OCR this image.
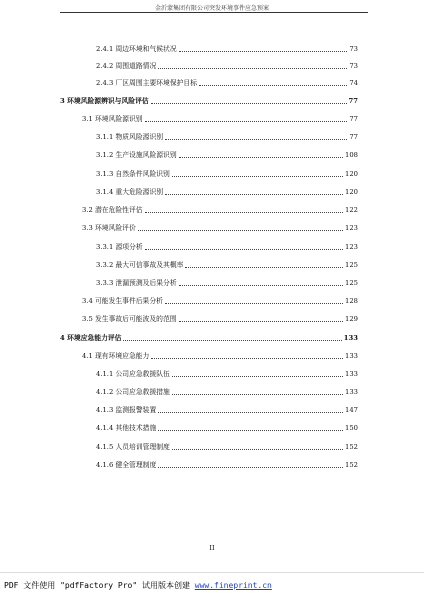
金沂蒙集团有限公司突发环境事件应急预案
2.4.1 周边环境和气候状况	73
2.4.2 周围道路情况	73
2.4.3 厂区周围主要环境保护目标	74
3 环境风险源辨识与风险评估	77
3.1 环境风险源识别	77
3.1.1 物质风险源识别	77
3.1.2 生产设施风险源识别	108
3.1.3 自然条件风险识别	120
3.1.4 重大危险源识别	120
3.2 潜在危险性评估	122
3.3 环境风险评价	123
3.3.1 源项分析	123
3.3.2 最大可信事故及其概率	125
3.3.3 泄漏预测及后果分析	125
3.4 可能发生事件后果分析	128
3.5 发生事故后可能波及的范围	129
4 环境应急能力评估	133
4.1 现有环境应急能力	133
4.1.1 公司应急救援队伍	133
4.1.2 公司应急救援措施	133
4.1.3 监测报警装置	147
4.1.4 其他技术措施	150
4.1.5 人员培训管理制度	152
4.1.6 健全管理制度	152
II
PDF 文件使用 "pdfFactory Pro" 试用版本创建 www.fineprint.cn
